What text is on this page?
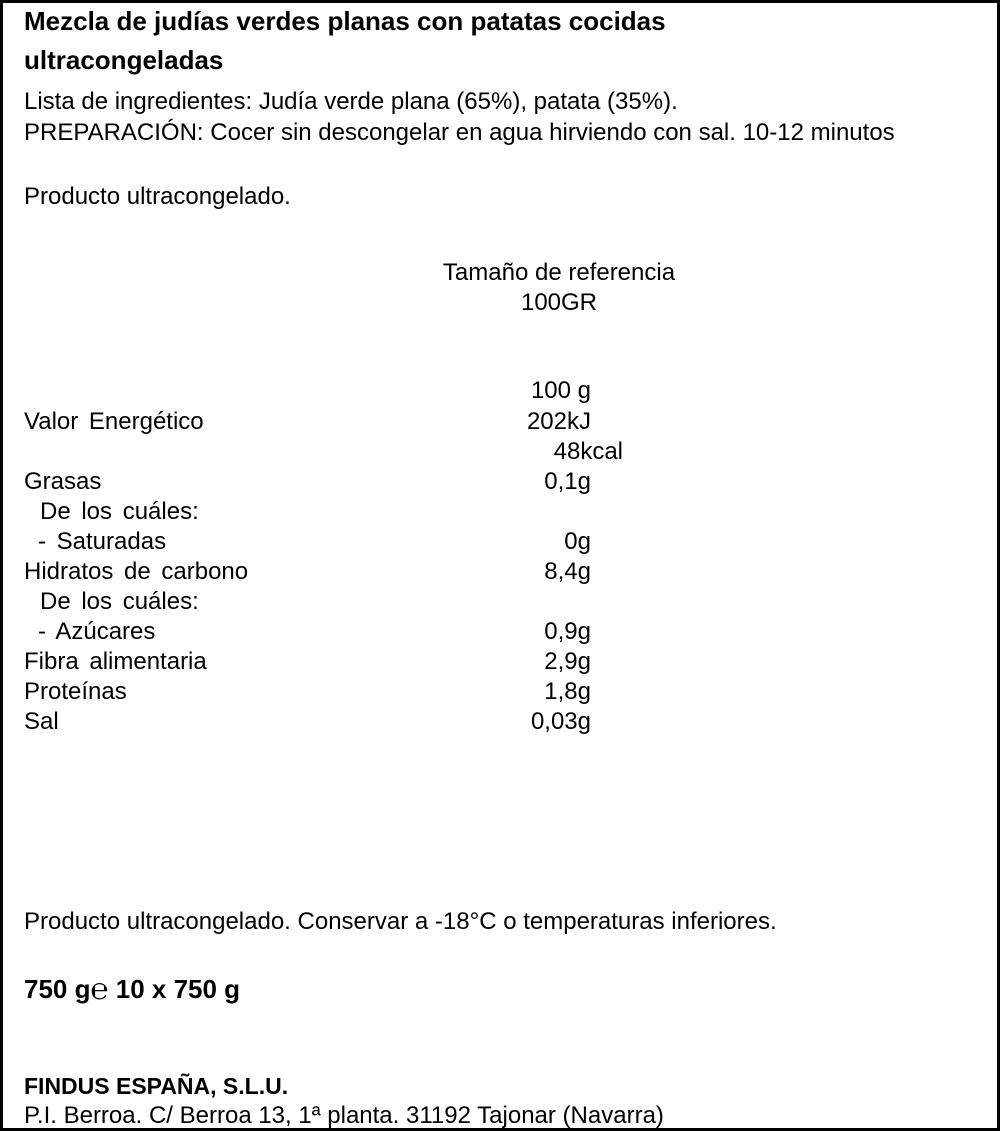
Mezcla de judías verdes planas con patatas cocidas
ultracongeladas
Lista de ingredientes: Judía verde plana (65%), patata (35%).
PREPARACIÓN: Cocer sin descongelar en agua hirviendo con sal. 10-12 minutos
Producto ultracongelado.
Tamaño de referencia
100GR
100 g
Valor Energético	202kJ
48kcal
Grasas	0,1g
De los cuáles:
- Saturadas	0g
Hidratos de carbono	8,4g
De los cuáles:
- Azúcares	0,9g
Fibra alimentaria	2,9g
Proteínas	1,8g
Sal	0,03g
Producto ultracongelado. Conservar a -18°C o temperaturas inferiores.
750 g℮ 10 x 750 g
FINDUS ESPAÑA, S.L.U.
P.I. Berroa. C/ Berroa 13, 1ª planta. 31192 Tajonar (Navarra)
